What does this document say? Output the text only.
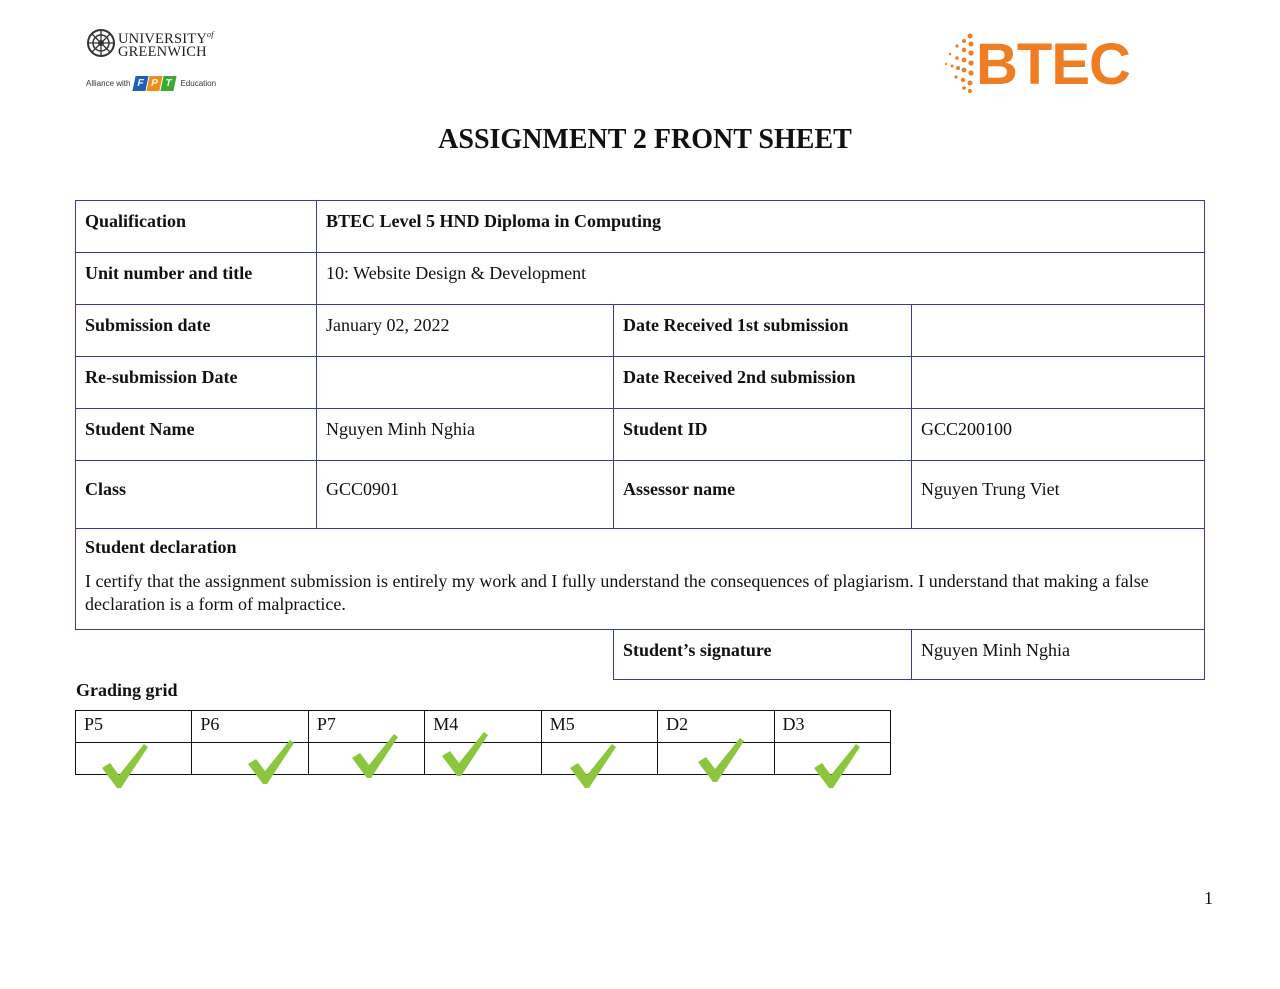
$UNIVERSITY^{of}$
GREENWICH
Alliance with F P T Education	BTEC
ASSIGNMENT 2 FRONT SHEET
Qualification	BTEC Level 5 HND Diploma in Computing		
Unit number and title	10: Website Design & Development		
Submission date	January 02, 2022	Date Received 1st submission	
Re-submission Date		Date Received 2nd submission	
Student Name	Nguyen Minh Nghia	Student ID	GCC200100
Class	GCC0901	Assessor name	Nguyen Trung Viet

Student declaration
I certify that the assignment submission is entirely my work and I fully understand the consequences of plagiarism. I understand that making a false declaration is a form of malpractice.			

		Student’s signature	Nguyen Minh Nghia
Grading grid
P5	P6	P7	M4	M5	D2	D3

1
